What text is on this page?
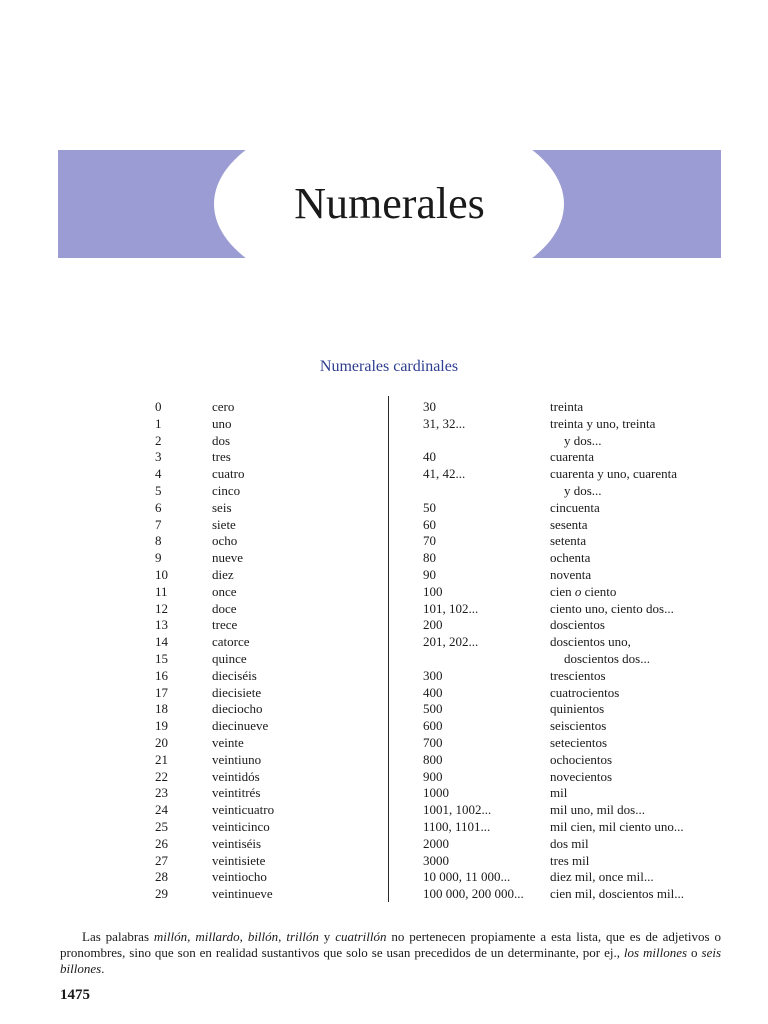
Numerales
Numerales cardinales
0	cero
1	uno
2	dos
3	tres
4	cuatro
5	cinco
6	seis
7	siete
8	ocho
9	nueve
10	diez
11	once
12	doce
13	trece
14	catorce
15	quince
16	dieciséis
17	diecisiete
18	dieciocho
19	diecinueve
20	veinte
21	veintiuno
22	veintidós
23	veintitrés
24	veinticuatro
25	veinticinco
26	veintiséis
27	veintisiete
28	veintiocho
29	veintinueve
30	treinta
31, 32...	treinta y uno, treinta
y dos...
40	cuarenta
41, 42...	cuarenta y uno, cuarenta
y dos...
50	cincuenta
60	sesenta
70	setenta
80	ochenta
90	noventa
100	cien o ciento
101, 102...	ciento uno, ciento dos...
200	doscientos
201, 202...	doscientos uno,
doscientos dos...
300	trescientos
400	cuatrocientos
500	quinientos
600	seiscientos
700	setecientos
800	ochocientos
900	novecientos
1000	mil
1001, 1002...	mil uno, mil dos...
1100, 1101...	mil cien, mil ciento uno...
2000	dos mil
3000	tres mil
10 000, 11 000...	diez mil, once mil...
100 000, 200 000... cien mil, doscientos mil...
Las palabras millón, millardo, billón, trillón y cuatrillón no pertenecen propiamente a esta lista, que es de adjetivos o pronombres, sino que son en realidad sustantivos que solo se usan precedidos de un determinante, por ej., los millones o seis billones.
1475
